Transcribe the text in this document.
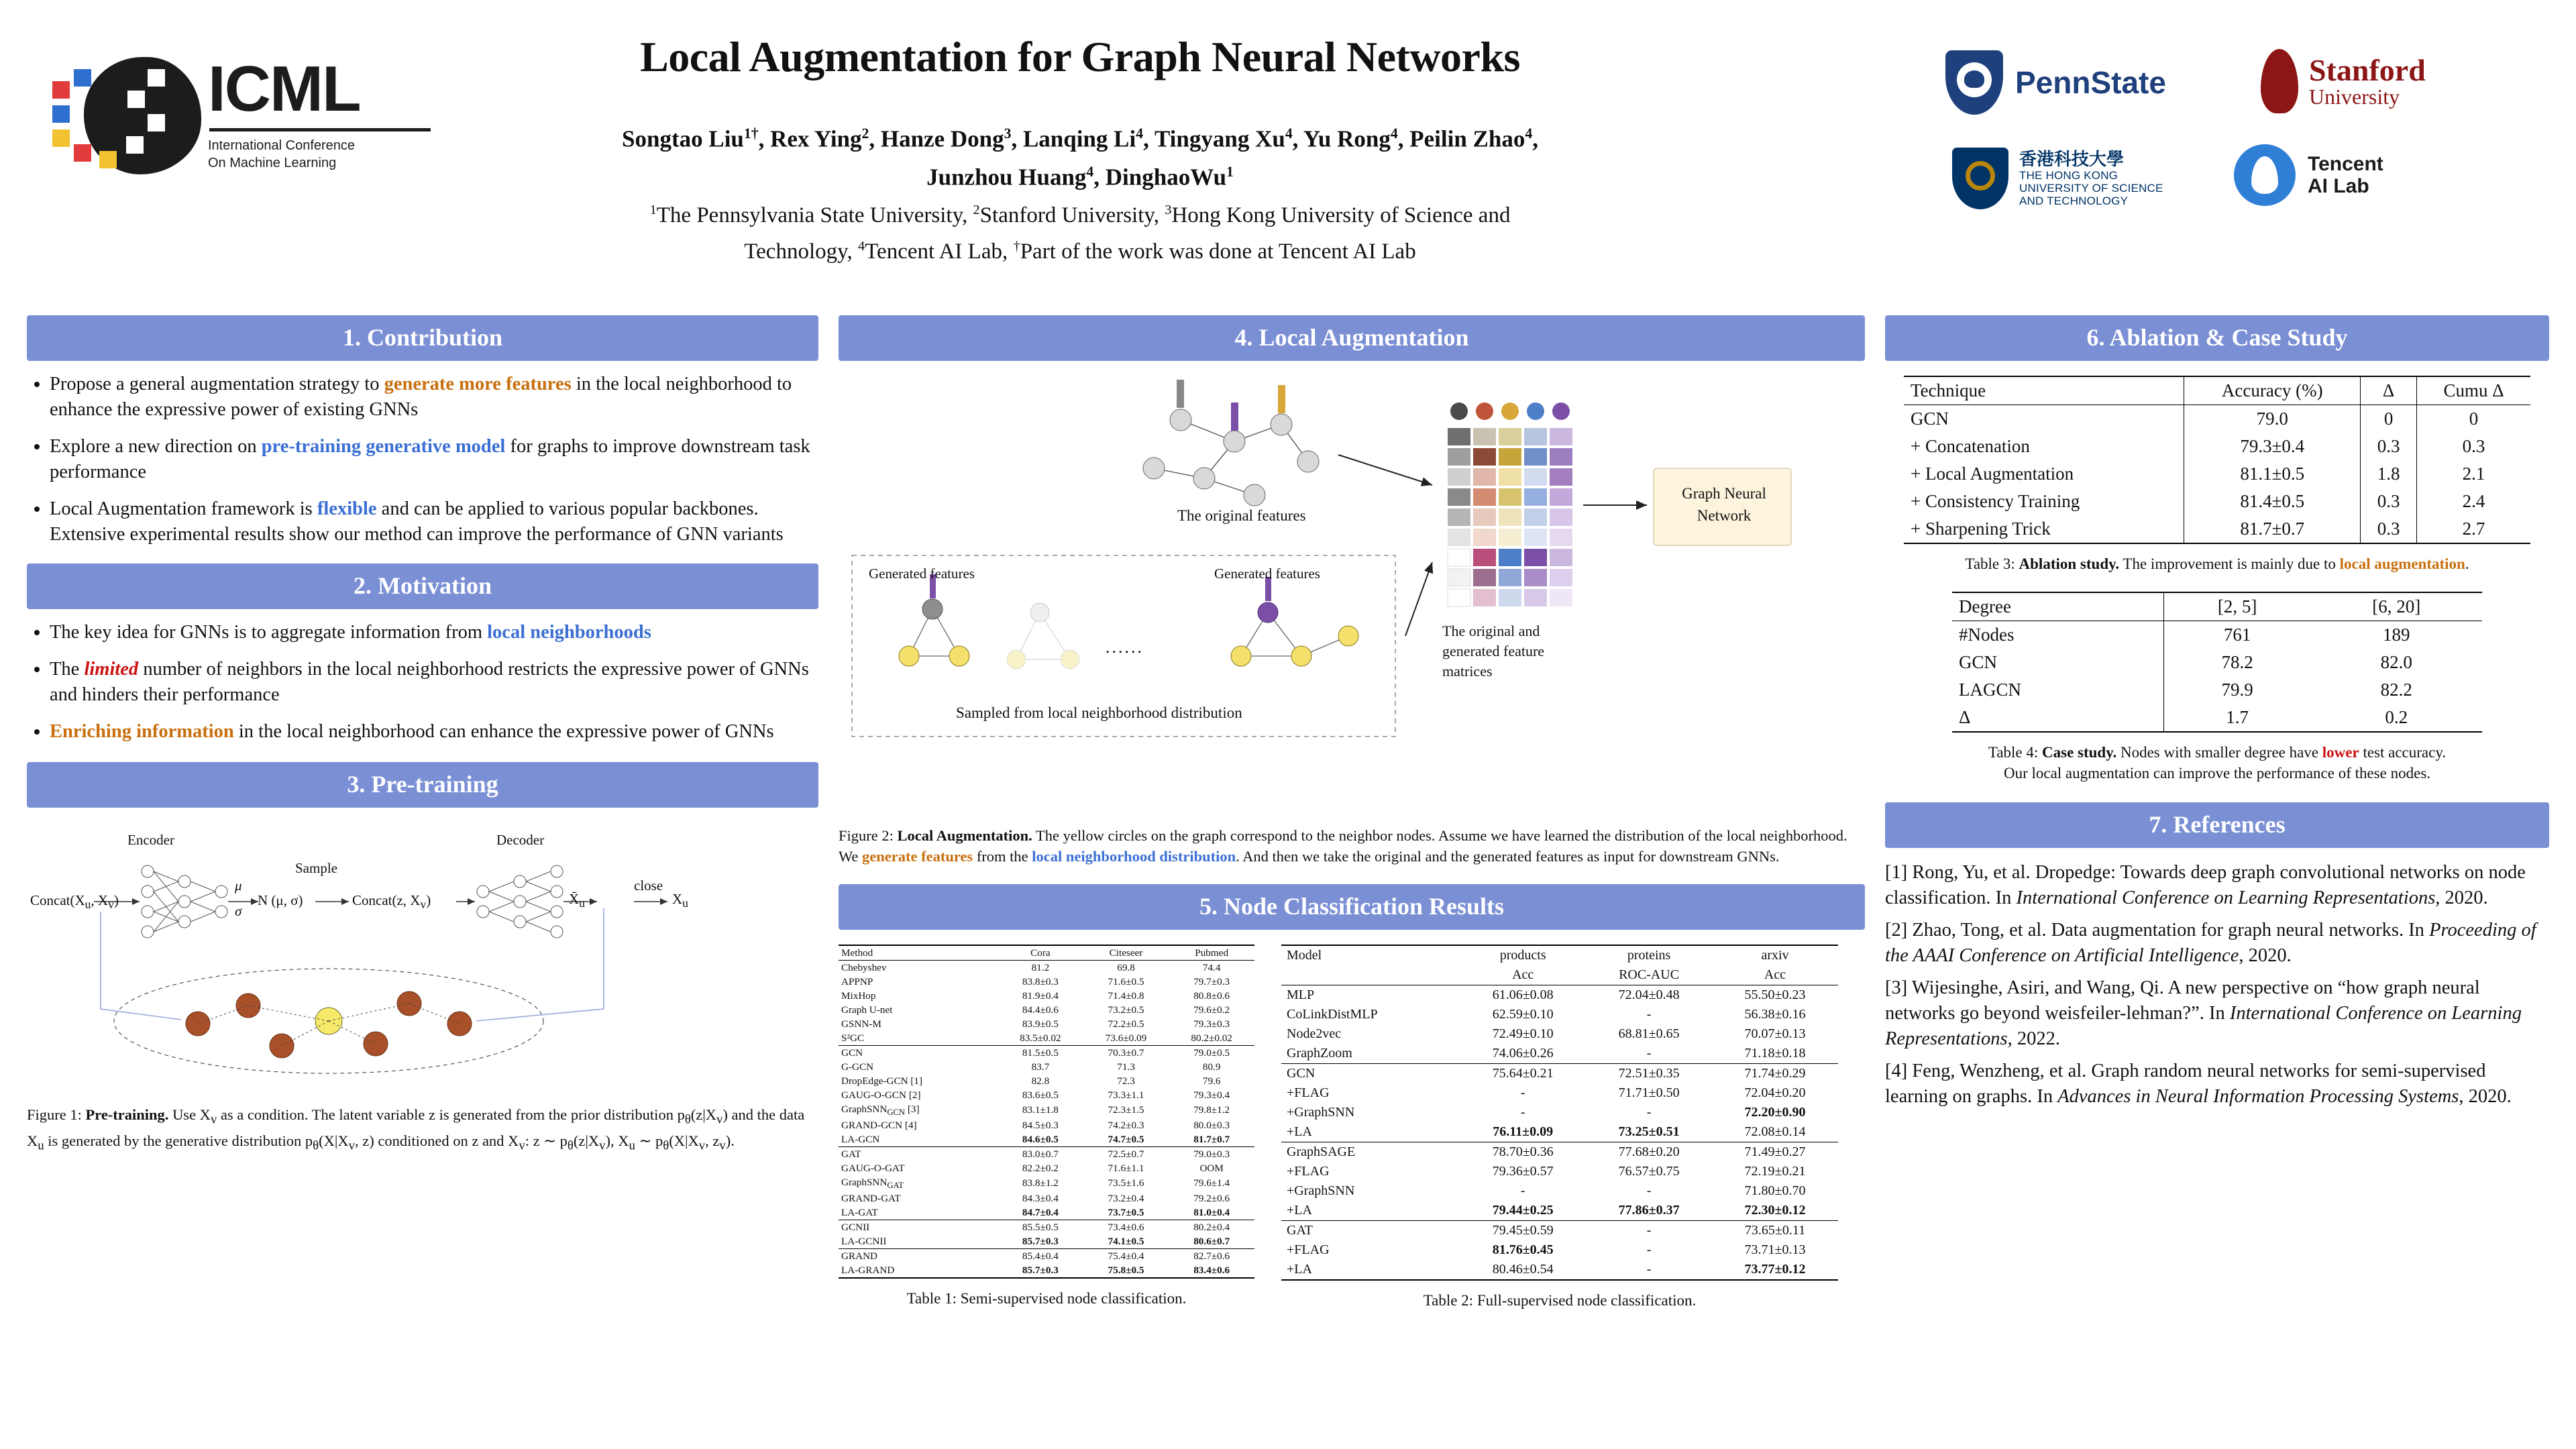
ICML
International Conference
On Machine Learning
Local Augmentation for Graph Neural Networks
Songtao Liu$^{1\dagger}$, Rex Ying$^2$, Hanze Dong$^3$, Lanqing Li$^4$, Tingyang Xu$^4$, Yu Rong$^4$, Peilin Zhao$^4$,
Junzhou Huang$^4$, DinghaoWu$^1$
$^1$The Pennsylvania State University, $^2$Stanford University, $^3$Hong Kong University of Science and
Technology, $^4$Tencent AI Lab, †Part of the work was done at Tencent AI Lab
PennState	Stanford
University
香港科技大學
THE HONG KONG
UNIVERSITY OF SCIENCE
AND TECHNOLOGY
Tencent
AI Lab
1. Contribution
• Propose a general augmentation strategy to generate more features in the local neighborhood to enhance the expressive power of existing GNNs
• Explore a new direction on pre-training generative model for graphs to improve downstream task performance
• Local Augmentation framework is flexible and can be applied to various popular backbones. Extensive experimental results show our method can improve the performance of GNN variants
2. Motivation
• The key idea for GNNs is to aggregate information from local neighborhoods
• The limited number of neighbors in the local neighborhood restricts the expressive power of GNNs and hinders their performance
• Enriching information in the local neighborhood can enhance the expressive power of GNNs
3. Pre-training
Encoder	Decoder
Sample
$Concat(X_u$, $X_v$)
μ
σ
N (μ, σ)	Concat(z, $X_v$)	$X̄_u$
close
$X_u$
Figure 1: Pre-training. Use $X_v$ as a condition. The latent variable z is generated from the prior distribution $p_\theta(z|X_v)$ and the data $X_u$ is generated by the generative distribution $p_\theta(X|X_v$, z) conditioned on z and $X_v$: z ∼ $p_\theta(z|X_v)$, $X_u$ ∼ $p_\theta(X|X_v$, $z_v$).
4. Local Augmentation
The original features
Generated features	Generated features
......
Sampled from local neighborhood distribution
Graph Neural
Network
The original and
generated feature
matrices
Figure 2: Local Augmentation. The yellow circles on the graph correspond to the neighbor nodes. Assume we have learned the distribution of the local neighborhood. We generate features from the local neighborhood distribution. And then we take the original and the generated features as input for downstream GNNs.
5. Node Classification Results
Method	Cora	Citeseer	Pubmed
Chebyshev	81.2	69.8	74.4
APPNP	83.8±0.3	71.6±0.5	79.7±0.3
MixHop	81.9±0.4	71.4±0.8	80.8±0.6
Graph U-net	84.4±0.6	73.2±0.5	79.6±0.2
GSNN-M	83.9±0.5	72.2±0.5	79.3±0.3
S²GC	83.5±0.02	73.6±0.09	80.2±0.02
GCN	81.5±0.5	70.3±0.7	79.0±0.5
G-GCN	83.7	71.3	80.9
DropEdge-GCN [1]	82.8	72.3	79.6
GAUG-O-GCN [2]	83.6±0.5	73.3±1.1	79.3±0.4
GraphSNN$_{GCN}$ [3]	83.1±1.8	72.3±1.5	79.8±1.2
GRAND-GCN [4]	84.5±0.3	74.2±0.3	80.0±0.3
LA-GCN	84.6±0.5	74.7±0.5	81.7±0.7
GAT	83.0±0.7	72.5±0.7	79.0±0.3
GAUG-O-GAT	82.2±0.2	71.6±1.1	OOM
GraphSNN$_{GAT}$	83.8±1.2	73.5±1.6	79.6±1.4
GRAND-GAT	84.3±0.4	73.2±0.4	79.2±0.6
LA-GAT	84.7±0.4	73.7±0.5	81.0±0.4
GCNII	85.5±0.5	73.4±0.6	80.2±0.4
LA-GCNII	85.7±0.3	74.1±0.5	80.6±0.7
GRAND	85.4±0.4	75.4±0.4	82.7±0.6
LA-GRAND	85.7±0.3	75.8±0.5	83.4±0.6
Table 1: Semi-supervised node classification.
Model	products	proteins	arxiv
	Acc	ROC-AUC	Acc
MLP	61.06±0.08	72.04±0.48	55.50±0.23
CoLinkDistMLP	62.59±0.10	-	56.38±0.16
Node2vec	72.49±0.10	68.81±0.65	70.07±0.13
GraphZoom	74.06±0.26	-	71.18±0.18
GCN	75.64±0.21	72.51±0.35	71.74±0.29
+FLAG	-	71.71±0.50	72.04±0.20
+GraphSNN	-	-	72.20±0.90
+LA	76.11±0.09	73.25±0.51	72.08±0.14
GraphSAGE	78.70±0.36	77.68±0.20	71.49±0.27
+FLAG	79.36±0.57	76.57±0.75	72.19±0.21
+GraphSNN	-	-	71.80±0.70
+LA	79.44±0.25	77.86±0.37	72.30±0.12
GAT	79.45±0.59	-	73.65±0.11
+FLAG	81.76±0.45	-	73.71±0.13
+LA	80.46±0.54	-	73.77±0.12
Table 2: Full-supervised node classification.
6. Ablation & Case Study
Technique	Accuracy (%)	Δ	Cumu Δ
GCN	79.0	0	0
+ Concatenation	79.3±0.4	0.3	0.3
+ Local Augmentation	81.1±0.5	1.8	2.1
+ Consistency Training	81.4±0.5	0.3	2.4
+ Sharpening Trick	81.7±0.7	0.3	2.7
Table 3: Ablation study. The improvement is mainly due to local augmentation.
Degree	[2, 5]	[6, 20]
#Nodes	761	189
GCN	78.2	82.0
LAGCN	79.9	82.2
Δ	1.7	0.2
Table 4: Case study. Nodes with smaller degree have lower test accuracy.
Our local augmentation can improve the performance of these nodes.
7. References

[1] Rong, Yu, et al. Dropedge: Towards deep graph convolutional networks on node classification. In International Conference on Learning Representations, 2020.

[2] Zhao, Tong, et al. Data augmentation for graph neural networks. In Proceeding of the AAAI Conference on Artificial Intelligence, 2020.

[3] Wijesinghe, Asiri, and Wang, Qi. A new perspective on “how graph neural networks go beyond weisfeiler-lehman?”. In International Conference on Learning Representations, 2022.

[4] Feng, Wenzheng, et al. Graph random neural networks for semi-supervised learning on graphs. In Advances in Neural Information Processing Systems, 2020.
